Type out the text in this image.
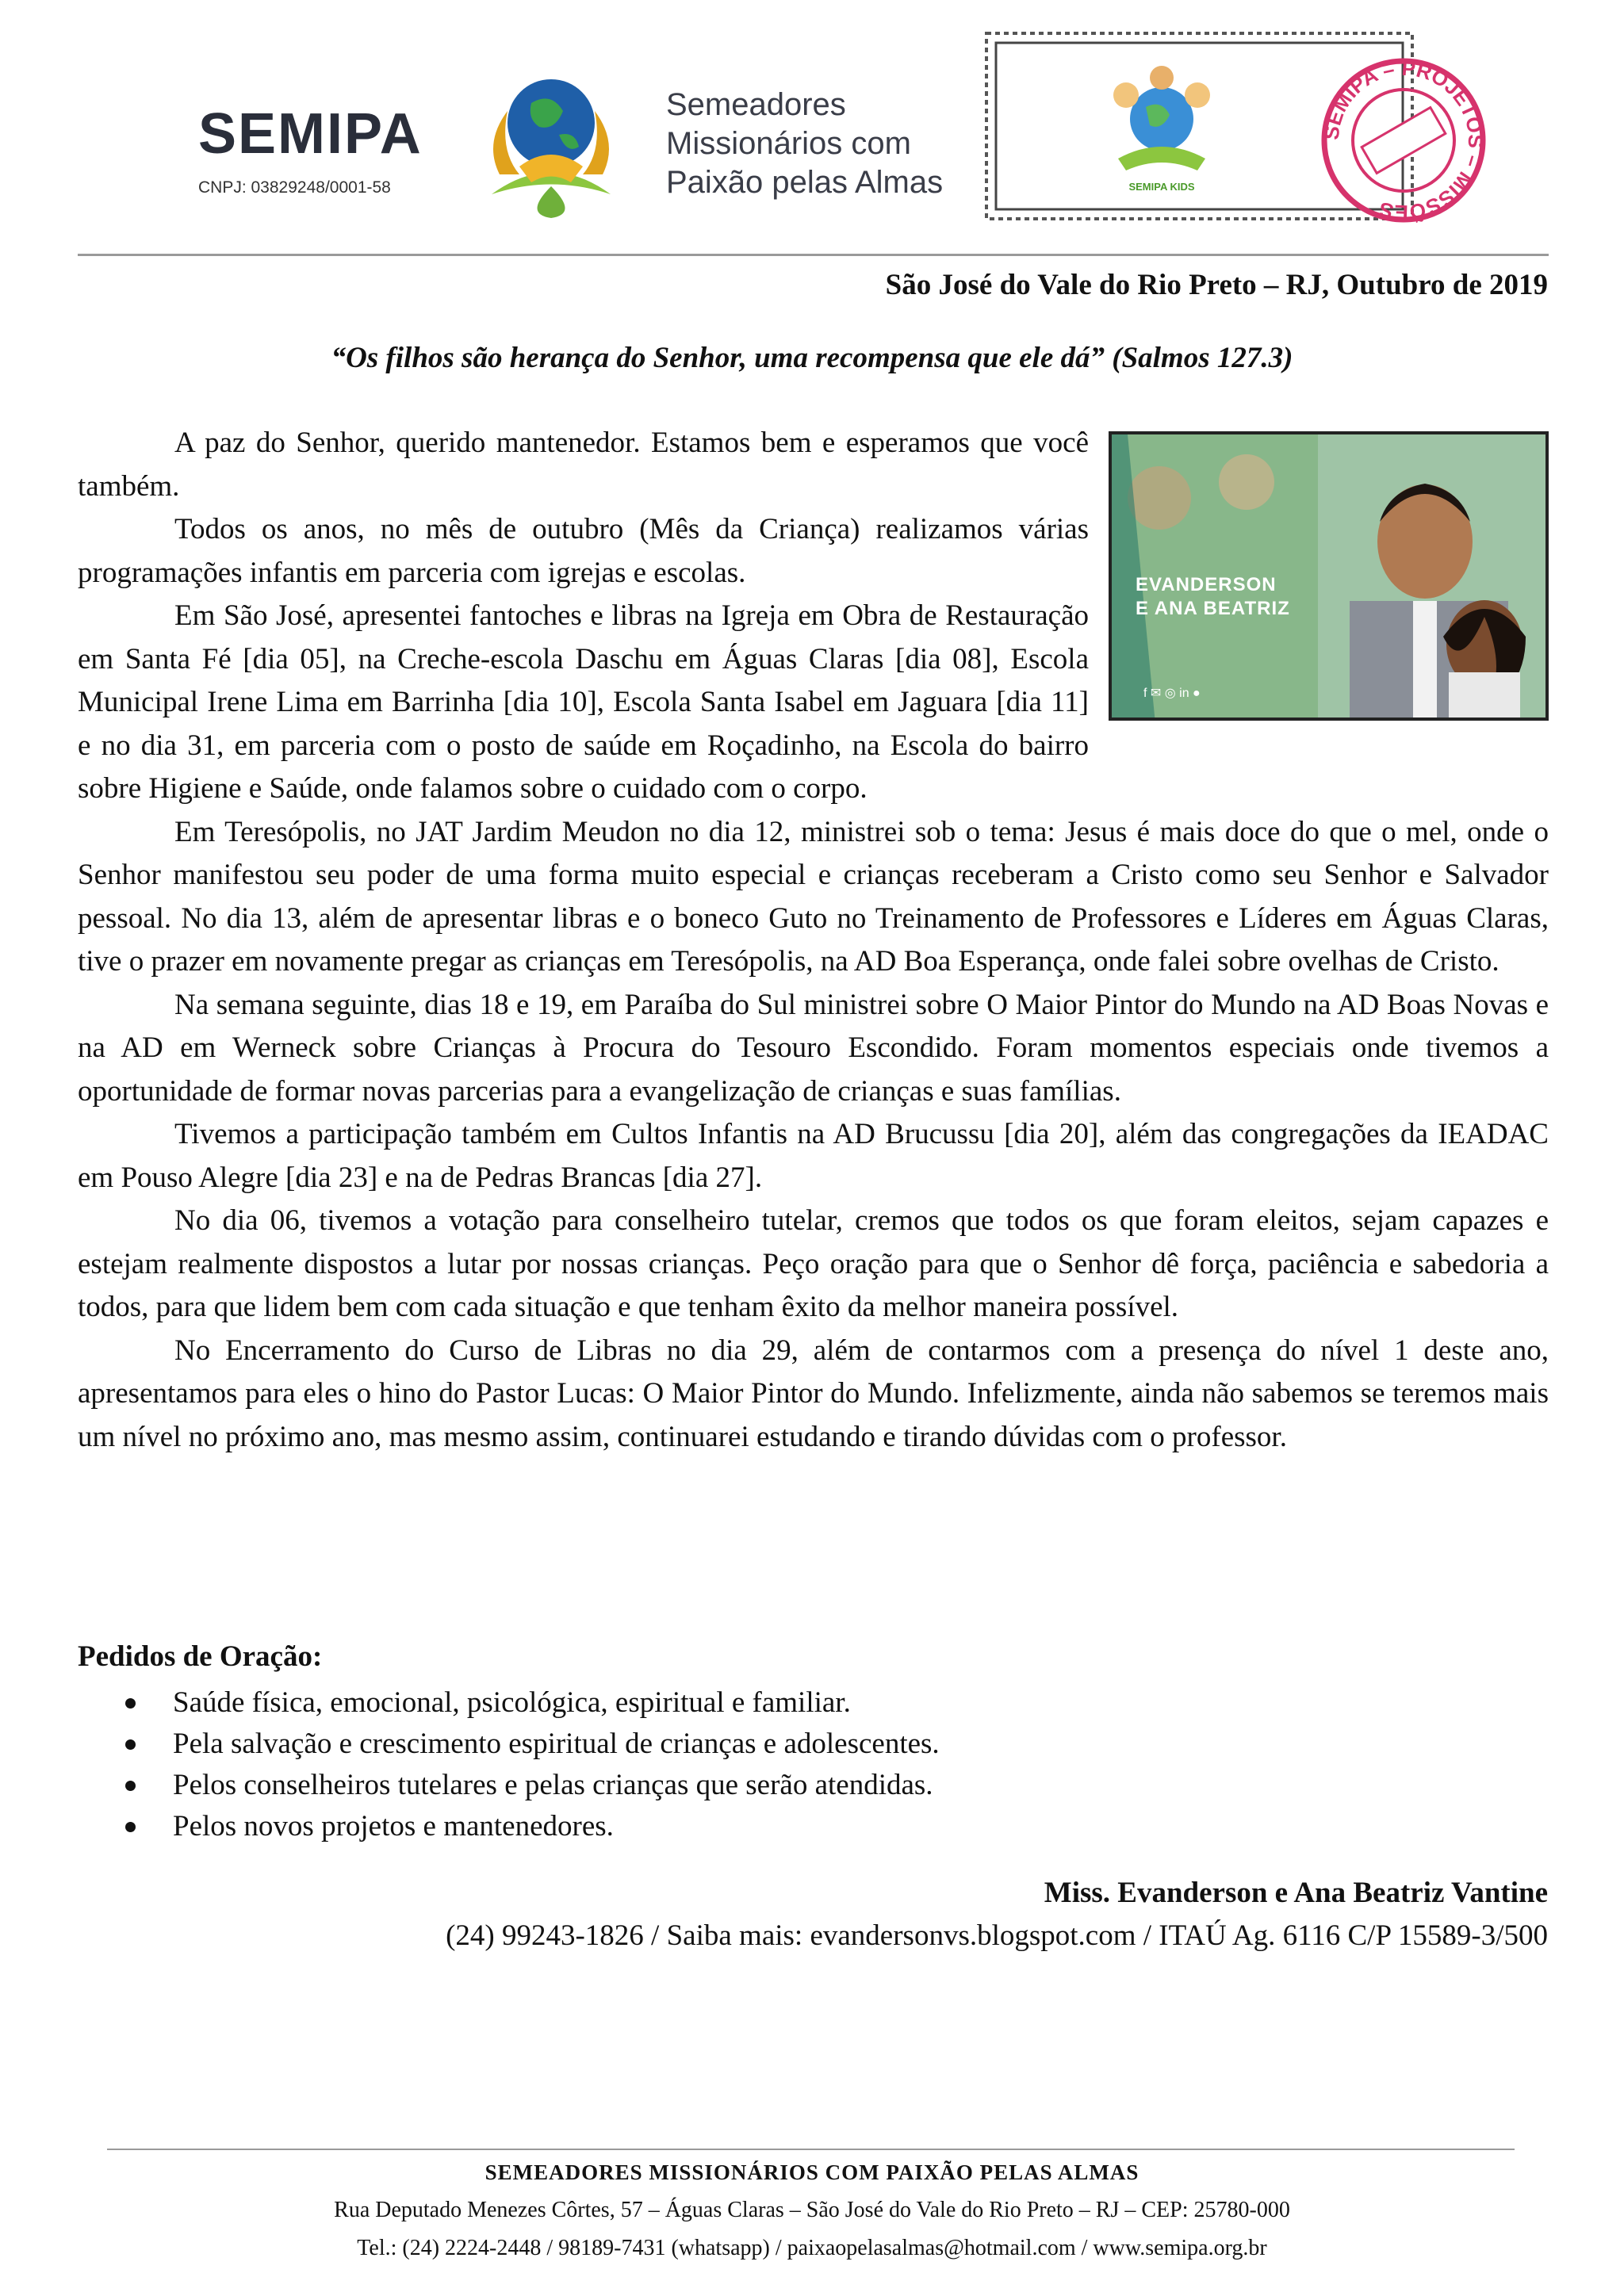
SEMIPA
CNPJ: 03829248/0001-58
Semeadores
Missionários com
Paixão pelas Almas	SEMIPA KIDS
SEMIPA – PROJETOS – MISSÕES
São José do Vale do Rio Preto – RJ, Outubro de 2019
“Os filhos são herança do Senhor, uma recompensa que ele dá” (Salmos 127.3)
EVANDERSON
E ANA BEATRIZ
f ✉ ◎ in ●

A paz do Senhor, querido mantenedor. Estamos bem e esperamos que você também.

Todos os anos, no mês de outubro (Mês da Criança) realizamos várias programações infantis em parceria com igrejas e escolas.

Em São José, apresentei fantoches e libras na Igreja em Obra de Restauração em Santa Fé [dia 05], na Creche-escola Daschu em Águas Claras [dia 08], Escola Municipal Irene Lima em Barrinha [dia 10], Escola Santa Isabel em Jaguara [dia 11] e no dia 31, em parceria com o posto de saúde em Roçadinho, na Escola do bairro sobre Higiene e Saúde, onde falamos sobre o cuidado com o corpo.

Em Teresópolis, no JAT Jardim Meudon no dia 12, ministrei sob o tema: Jesus é mais doce do que o mel, onde o Senhor manifestou seu poder de uma forma muito especial e crianças receberam a Cristo como seu Senhor e Salvador pessoal. No dia 13, além de apresentar libras e o boneco Guto no Treinamento de Professores e Líderes em Águas Claras, tive o prazer em novamente pregar as crianças em Teresópolis, na AD Boa Esperança, onde falei sobre ovelhas de Cristo.

Na semana seguinte, dias 18 e 19, em Paraíba do Sul ministrei sobre O Maior Pintor do Mundo na AD Boas Novas e na AD em Werneck sobre Crianças à Procura do Tesouro Escondido. Foram momentos especiais onde tivemos a oportunidade de formar novas parcerias para a evangelização de crianças e suas famílias.

Tivemos a participação também em Cultos Infantis na AD Brucussu [dia 20], além das congregações da IEADAC em Pouso Alegre [dia 23] e na de Pedras Brancas [dia 27].

No dia 06, tivemos a votação para conselheiro tutelar, cremos que todos os que foram eleitos, sejam capazes e estejam realmente dispostos a lutar por nossas crianças. Peço oração para que o Senhor dê força, paciência e sabedoria a todos, para que lidem bem com cada situação e que tenham êxito da melhor maneira possível.

No Encerramento do Curso de Libras no dia 29, além de contarmos com a presença do nível 1 deste ano, apresentamos para eles o hino do Pastor Lucas: O Maior Pintor do Mundo. Infelizmente, ainda não sabemos se teremos mais um nível no próximo ano, mas mesmo assim, continuarei estudando e tirando dúvidas com o professor.

Pedidos de Oração:
Saúde física, emocional, psicológica, espiritual e familiar.
Pela salvação e crescimento espiritual de crianças e adolescentes.
Pelos conselheiros tutelares e pelas crianças que serão atendidas.
Pelos novos projetos e mantenedores.
Miss. Evanderson e Ana Beatriz Vantine
(24) 99243-1826 / Saiba mais: evandersonvs.blogspot.com / ITAÚ Ag. 6116 C/P 15589-3/500
SEMEADORES MISSIONÁRIOS COM PAIXÃO PELAS ALMAS
Rua Deputado Menezes Côrtes, 57 – Águas Claras – São José do Vale do Rio Preto – RJ – CEP: 25780-000
Tel.: (24) 2224-2448 / 98189-7431 (whatsapp) / paixaopelasalmas@hotmail.com / www.semipa.org.br
